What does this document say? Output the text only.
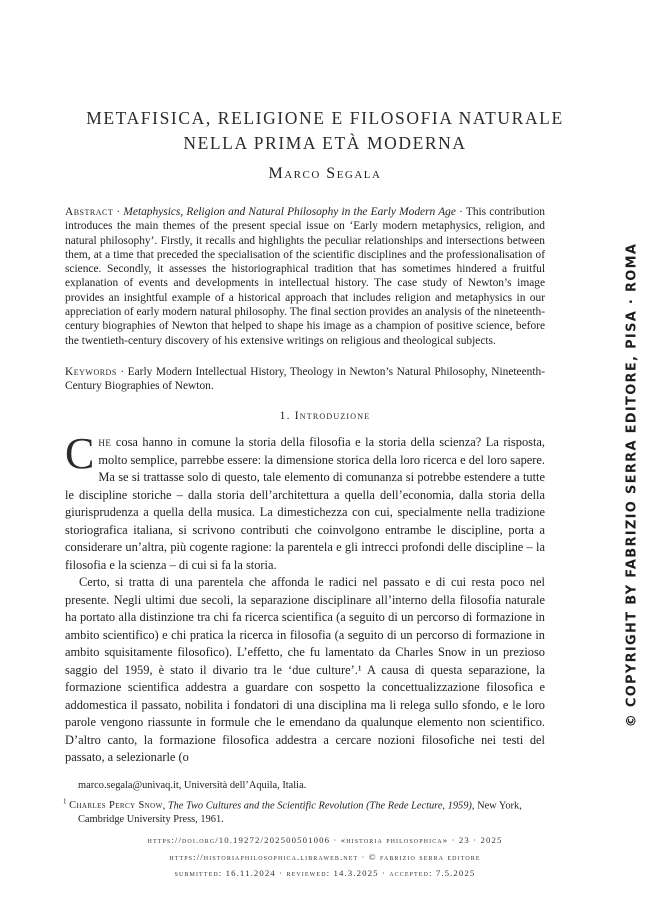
METAFISICA, RELIGIONE E FILOSOFIA NATURALE
NELLA PRIMA ETÀ MODERNA
Marco Segala

Abstract · Metaphysics, Religion and Natural Philosophy in the Early Modern Age · This contribution introduces the main themes of the present special issue on ‘Early modern metaphysics, religion, and natural philosophy’. Firstly, it recalls and highlights the peculiar relationships and intersections between them, at a time that preceded the specialisation of the scientific disciplines and the professionalisation of science. Secondly, it assesses the historiographical tradition that has sometimes hindered a fruitful explanation of events and developments in intellectual history. The case study of Newton’s image provides an insightful example of a historical approach that includes religion and metaphysics in our appreciation of early modern natural philosophy. The final section provides an analysis of the nineteenth-century biographies of Newton that helped to shape his image as a champion of positive science, before the twentieth-century discovery of his extensive writings on religious and theological subjects.

Keywords · Early Modern Intellectual History, Theology in Newton’s Natural Philosophy, Nineteenth-Century Biographies of Newton.

1. Introduzione

Che cosa hanno in comune la storia della filosofia e la storia della scienza? La risposta, molto semplice, parrebbe essere: la dimensione storica della loro ricerca e del loro sapere. Ma se si trattasse solo di questo, tale elemento di comunanza si potrebbe estendere a tutte le discipline storiche – dalla storia dell’architettura a quella dell’economia, dalla storia della giurisprudenza a quella della musica. La dimestichezza con cui, specialmente nella tradizione storiografica italiana, si scrivono contributi che coinvolgono entrambe le discipline, porta a considerare un’altra, più cogente ragione: la parentela e gli intrecci profondi delle discipline – la filosofia e la scienza – di cui si fa la storia.

Certo, si tratta di una parentela che affonda le radici nel passato e di cui resta poco nel presente. Negli ultimi due secoli, la separazione disciplinare all’interno della filosofia naturale ha portato alla distinzione tra chi fa ricerca scientifica (a seguito di un percorso di formazione in ambito scientifico) e chi pratica la ricerca in filosofia (a seguito di un percorso di formazione in ambito squisitamente filosofico). L’effetto, che fu lamentato da Charles Snow in un prezioso saggio del 1959, è stato il divario tra le ‘due culture’.¹ A causa di questa separazione, la formazione scientifica addestra a guardare con sospetto la concettualizzazione filosofica e addomestica il passato, nobilita i fondatori di una disciplina ma li relega sullo sfondo, e le loro parole vengono riassunte in formule che le emendano da qualunque elemento non scientifico. D’altro canto, la formazione filosofica addestra a cercare nozioni filosofiche nei testi del passato, a selezionarle (o

marco.segala@univaq.it, Università dell’Aquila, Italia.

$^1$ Charles Percy Snow, The Two Cultures and the Scientific Revolution (The Rede Lecture, 1959), New York, Cambridge University Press, 1961.

https://doi.org/10.19272/202500501006 · «historia philosophica» · 23 · 2025
https://historiaphilosophica.libraweb.net · © fabrizio serra editore
submitted: 16.11.2024 · reviewed: 14.3.2025 · accepted: 7.5.2025
© COPYRIGHT BY FABRIZIO SERRA EDITORE, PISA · ROMA
